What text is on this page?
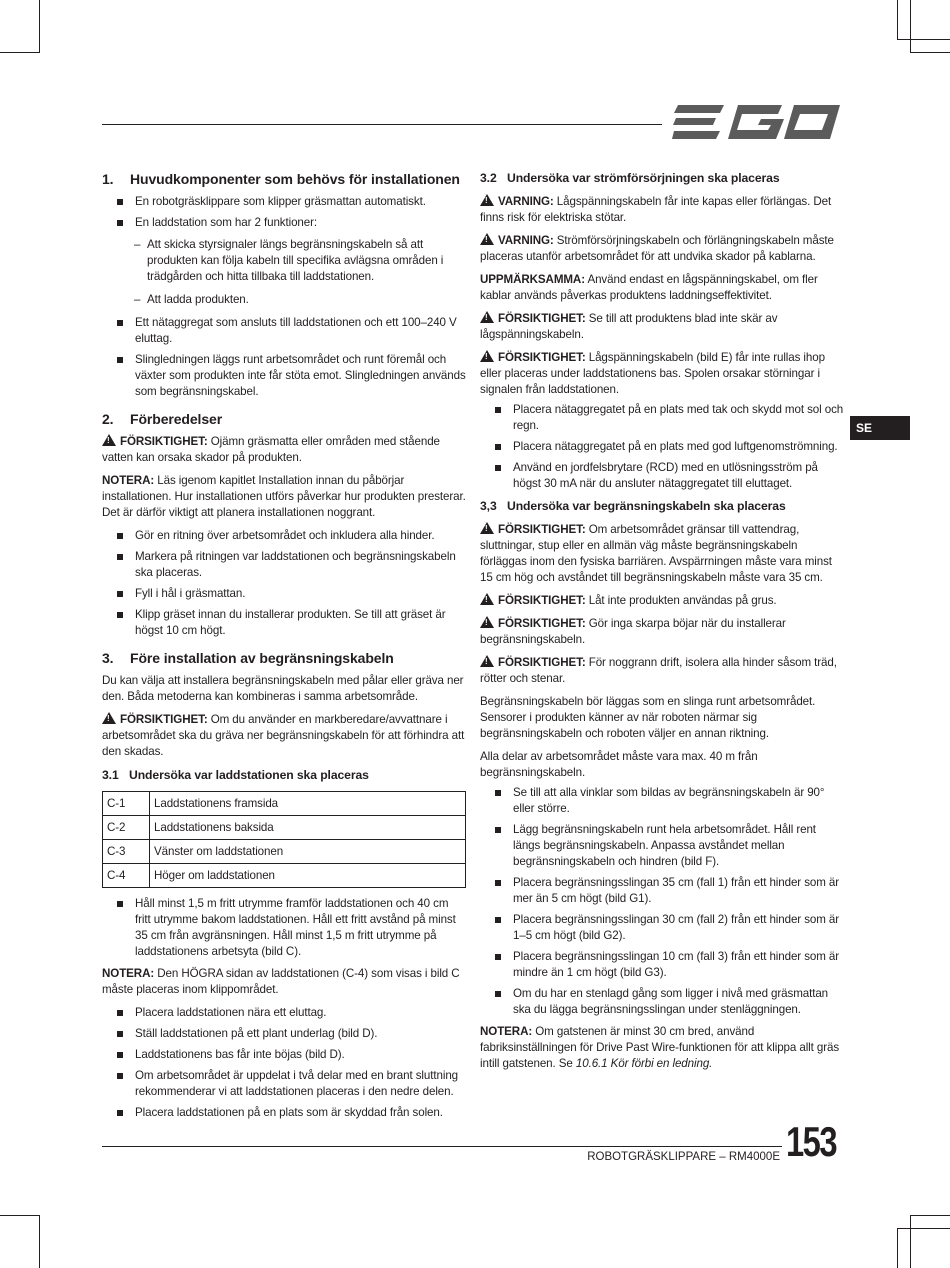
1.	Huvudkomponenter som behövs för installationen
En robotgräsklippare som klipper gräsmattan automatiskt.
En laddstation som har 2 funktioner:
– Att skicka styrsignaler längs begränsningskabeln så att produkten kan följa kabeln till specifika avlägsna områden i trädgården och hitta tillbaka till laddstationen.
– Att ladda produkten.
Ett nätaggregat som ansluts till laddstationen och ett 100–240 V eluttag.
Slingledningen läggs runt arbetsområdet och runt föremål och växter som produkten inte får stöta emot. Slingledningen används som begränsningskabel.
2.	Förberedelser

!FÖRSIKTIGHET: Ojämn gräsmatta eller områden med stående vatten kan orsaka skador på produkten.

NOTERA: Läs igenom kapitlet Installation innan du påbörjar installationen. Hur installationen utförs påverkar hur produkten presterar. Det är därför viktigt att planera installationen noggrant.

Gör en ritning över arbetsområdet och inkludera alla hinder.
Markera på ritningen var laddstationen och begränsningskabeln ska placeras.
Fyll i hål i gräsmattan.
Klipp gräset innan du installerar produkten. Se till att gräset är högst 10 cm högt.
3.	Före installation av begränsningskabeln

Du kan välja att installera begränsningskabeln med pålar eller gräva ner den. Båda metoderna kan kombineras i samma arbetsområde.

!FÖRSIKTIGHET: Om du använder en markberedare/avvattnare i arbetsområdet ska du gräva ner begränsningskabeln för att förhindra att den skadas.

3.1 Undersöka var laddstationen ska placeras
C-1	Laddstationens framsida
C-2	Laddstationens baksida
C-3	Vänster om laddstationen
C-4	Höger om laddstationen
Håll minst 1,5 m fritt utrymme framför laddstationen och 40 cm fritt utrymme bakom laddstationen. Håll ett fritt avstånd på minst 35 cm från avgränsningen. Håll minst 1,5 m fritt utrymme på laddstationens arbetsyta (bild C).

NOTERA: Den HÖGRA sidan av laddstationen (C-4) som visas i bild C måste placeras inom klippområdet.

Placera laddstationen nära ett eluttag.
Ställ laddstationen på ett plant underlag (bild D).
Laddstationens bas får inte böjas (bild D).
Om arbetsområdet är uppdelat i två delar med en brant sluttning rekommenderar vi att laddstationen placeras i den nedre delen.
Placera laddstationen på en plats som är skyddad från solen.
3.2 Undersöka var strömförsörjningen ska placeras

!VARNING: Lågspänningskabeln får inte kapas eller förlängas. Det finns risk för elektriska stötar.

!VARNING: Strömförsörjningskabeln och förlängningskabeln måste placeras utanför arbetsområdet för att undvika skador på kablarna.

UPPMÄRKSAMMA: Använd endast en lågspänningskabel, om fler kablar används påverkas produktens laddningseffektivitet.

!FÖRSIKTIGHET: Se till att produktens blad inte skär av lågspänningskabeln.

!FÖRSIKTIGHET: Lågspänningskabeln (bild E) får inte rullas ihop eller placeras under laddstationens bas. Spolen orsakar störningar i signalen från laddstationen.

Placera nätaggregatet på en plats med tak och skydd mot sol och regn.
Placera nätaggregatet på en plats med god luftgenomströmning.
Använd en jordfelsbrytare (RCD) med en utlösningsström på högst 30 mA när du ansluter nätaggregatet till eluttaget.
3,3 Undersöka var begränsningskabeln ska placeras

!FÖRSIKTIGHET: Om arbetsområdet gränsar till vattendrag, sluttningar, stup eller en allmän väg måste begränsningskabeln förläggas inom den fysiska barriären. Avspärrningen måste vara minst 15 cm hög och avståndet till begränsningskabeln måste vara 35 cm.

!FÖRSIKTIGHET: Låt inte produkten användas på grus.

!FÖRSIKTIGHET: Gör inga skarpa böjar när du installerar begränsningskabeln.

!FÖRSIKTIGHET: För noggrann drift, isolera alla hinder såsom träd, rötter och stenar.

Begränsningskabeln bör läggas som en slinga runt arbetsområdet. Sensorer i produkten känner av när roboten närmar sig begränsningskabeln och roboten väljer en annan riktning.

Alla delar av arbetsområdet måste vara max. 40 m från begränsningskabeln.

Se till att alla vinklar som bildas av begränsningskabeln är 90° eller större.
Lägg begränsningskabeln runt hela arbetsområdet. Håll rent längs begränsningskabeln. Anpassa avståndet mellan begränsningskabeln och hindren (bild F).
Placera begränsningsslingan 35 cm (fall 1) från ett hinder som är mer än 5 cm högt (bild G1).
Placera begränsningsslingan 30 cm (fall 2) från ett hinder som är 1–5 cm högt (bild G2).
Placera begränsningsslingan 10 cm (fall 3) från ett hinder som är mindre än 1 cm högt (bild G3).
Om du har en stenlagd gång som ligger i nivå med gräsmattan ska du lägga begränsningsslingan under stenläggningen.

NOTERA: Om gatstenen är minst 30 cm bred, använd fabriksinställningen för Drive Past Wire-funktionen för att klippa allt gräs intill gatstenen. Se 10.6.1 Kör förbi en ledning.

SE
ROBOTGRÄSKLIPPARE – RM4000E 153
